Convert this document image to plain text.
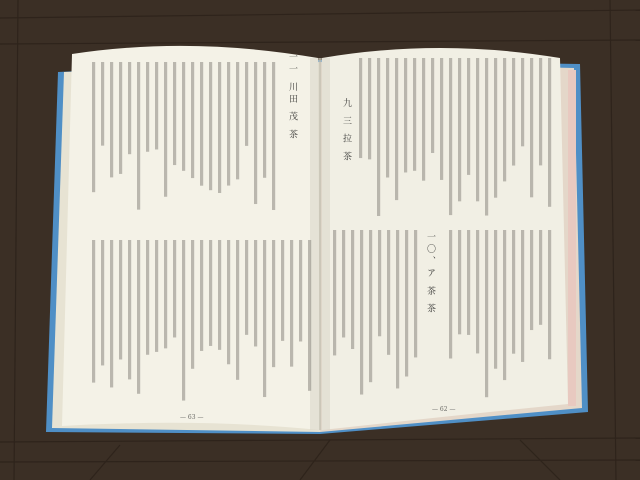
一一 川田 茂 茶
— 63 —
九 三 拉 茶
一〇、ア 茶 茶
— 62 —
